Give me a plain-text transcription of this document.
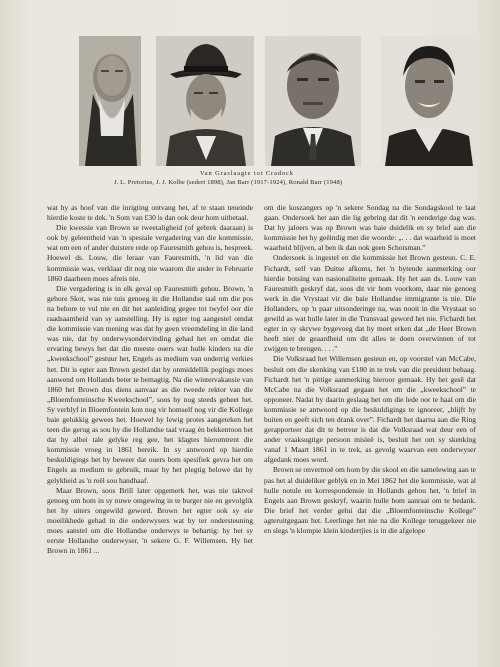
Van Graslaagte tot Cradock
J. L. Pretorius, J. J. Kolbe (sedert 1898), Jan Barr (1917-1924), Ronald Barr (1948)

wat hy as hoof van die inrigting ontvang het, af te staan teneinde hierdie koste te dek. 'n Som van £30 is dan ook deur hom uitbetaal.

Die kwessie van Brown se tweetaligheid (of gebrek daaraan) is ook by geleentheid van 'n spesiale vergadering van die kommissie, wat om een of ander duistere rede op Fauresmith gehou is, bespreek. Hoewel ds. Louw, die leraar van Fauresmith, 'n lid van die kommissie was, verklaar dit nog nie waarom die ander in Februarie 1860 daarheen moes afreis nie.

Die vergadering is in elk geval op Fauresmith gehou. Brown, 'n gebore Skot, was nie tuis genoeg in die Hollandse taal om die pos na behore te vul nie en dit het aanleiding gegee tot twyfel oor die raadsaamheid van sy aanstelling. Hy is egter tog aangestel omdat die kommissie van mening was dat hy geen vreemdeling in die land was nie, dat hy onderwysondervinding gehad het en omdat die ervaring bewys het dat die meeste ouers wat hulle kinders na die „kweekschool” gestuur het, Engels as medium van onderrig verkies het. Dit is egter aan Brown gestel dat hy onmiddellik pogings moes aanwend om Hollands beter te bemagtig. Na die wintervakansie van 1860 het Brown dus diens aanvaar as die tweede rektor van die „Bloemfonteinsche Kweekschool”, soos hy nog steeds geheet het. Sy verblyf in Bloemfontein kon nog vir homself nog vir die Kollege baie gelukkig gewees het. Hoewel hy lewig protes aangeteken het teen die gerug as sou hy die Hollandse taal vraag én bekkentoon het dat hy albei tale gelyke reg gee, het klagtes hieromtrent die kommissie vroeg in 1861 bereik. In sy antwoord op hierdie beskuldigings het hy beweer dat ouers hom spesifiek gevra het om Engels as medium te gebruik, maar hy het plegtig belowe dat hy gelykheid as 'n reël sou handhaaf.

Maar Brown, soos Brill later opgemerk het, was nie taktvol genoeg om hom in sy nuwe omgewing in te burger nie en gevolglik het hy uiters ongewild geword. Brown het egter ook sy eie moeilikhede gehad in die onderwysers wat hy ter ondersteuning moes aanstel om die Hollandse onderwys te behartig: hy het sy eerste Hollandse onderwyser, 'n sekere G. F. Willemsen. Hy het Brown in 1861 ...

om die koszangers op 'n sekere Sondag na die Sondagskool te laat gaan. Ondersoek het aan die lig gebring dat dit 'n eenderige dag was. Dat hy jaloers was op Brown was baie duidelik en sy brief aan die kommissie het hy geëindig met die woorde: „. . . dat waarheid is moet waarheid blijven, al ben ik dan ook geen Schotsman.”

Ondersoek is ingestel en die kommissie het Brown gesteun. C. E. Fichardt, self van Duitse afkoms, het 'n bytende aanmerking oor hierdie botsing van nasionaliteite gemaak. Hy het aan ds. Louw van Fauresmith geskryf dat, soos dit vir hom voorkom, daar nie genoeg werk in die Vrystaat vir die baie Hollandse immigrante is nie. Die Hollanders, op 'n paar uitsonderinge na, was nooit in die Vrystaat so gewild as wat hulle later in die Transvaal geword het nie. Fichardt het egter in sy skrywe bygevoeg dat hy moet erken dat „de Heer Brown heeft niet de geaardheid om dit alles te doen overwinnen of tot zwijgen te brengen. . . .”

Die Volksraad het Willemsen gesteun en, op voorstel van McCabe, besluit om die skenking van £180 in te trek van die president behaag. Fichardt het 'n pittige aanmerking hieroor gemaak. Hy het gesê dat McCabe na die Volksraad gegaan het om die „kweekschool” te opponeer. Nadat hy daarin geslaag het om die lede oor te haal om die kommissie se antwoord op die beskuldigings te ignoreer, „blijft hy buiten en geeft sich ten drank over”. Fichardt het daarna aan die Ring gerapporteer dat dit te betreur is dat die Volksraad wat deur een of ander vraaksugtige persoon misleë is, besluit het om sy skenking vanaf 1 Maart 1861 in te trek, as gevolg waarvan een onderwyser afgedank moes word.

Brown se onvermoë om hom by die skool en die samelewing aan te pas het al duideliker geblyk en in Mei 1862 het die kommissie, wat al hulle notule en korrespondensie in Hollands gehou het, 'n brief in Engels aan Brown geskryf, waarin hulle hom aanraai om te bedank. Die brief het verder gelui dat die „Bloemfonteinsche Kollege” agteruitgegaan het. Leerlinge het nie na die Kollege teruggekeer nie en slegs 'n klompie klein kindertjies is in die afgelope
